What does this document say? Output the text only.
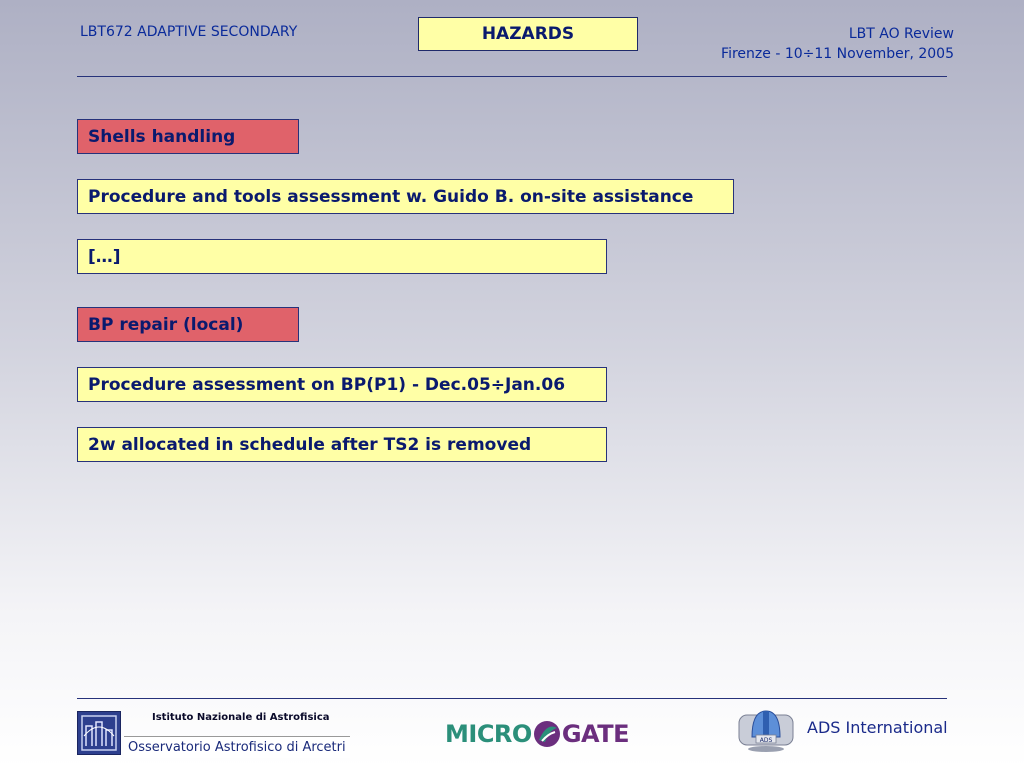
LBT672 ADAPTIVE SECONDARY	HAZARDS	LBT AO Review
Firenze - 10÷11 November, 2005
Shells handling
Procedure and tools assessment w. Guido B. on-site assistance
[…]
BP repair (local)
Procedure assessment on BP(P1) - Dec.05÷Jan.06
2w allocated in schedule after TS2 is removed
Istituto Nazionale di Astrofisica
Osservatorio Astrofisico di Arcetri	MICRO GATE	ADS
ADS International
